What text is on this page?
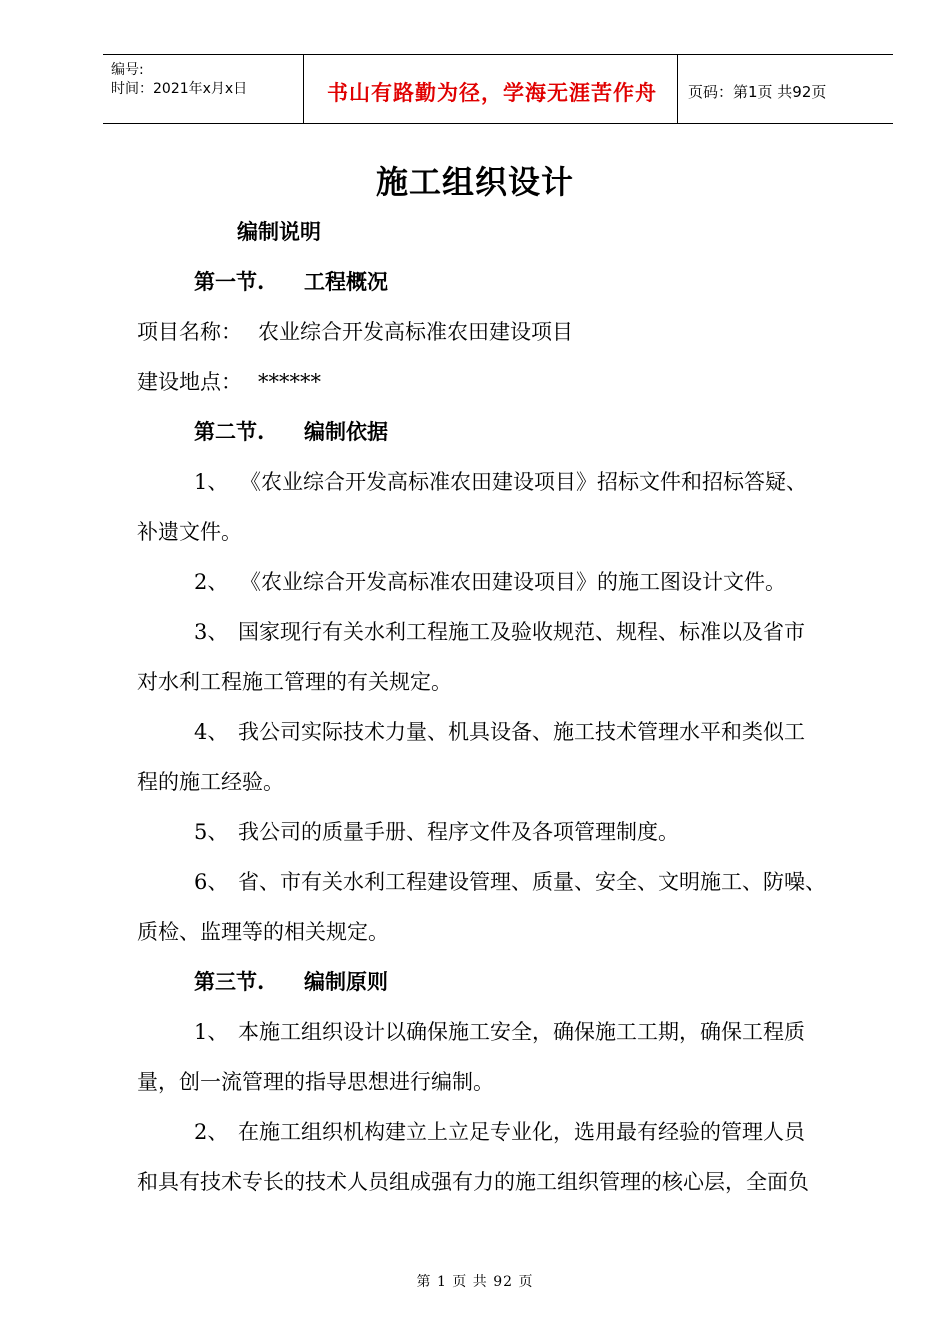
编号:
时间：2021年x月x日	书山有路勤为径，学海无涯苦作舟	页码：第1页 共92页
施工组织设计
编制说明
第一节. 工程概况
项目名称： 农业综合开发高标准农田建设项目
建设地点： ******
第二节. 编制依据
1、 《农业综合开发高标准农田建设项目》招标文件和招标答疑、
补遗文件。
2、 《农业综合开发高标准农田建设项目》的施工图设计文件。
3、 国家现行有关水利工程施工及验收规范、规程、标准以及省市
对水利工程施工管理的有关规定。
4、 我公司实际技术力量、机具设备、施工技术管理水平和类似工
程的施工经验。
5、 我公司的质量手册、程序文件及各项管理制度。
6、 省、市有关水利工程建设管理、质量、安全、文明施工、防噪、
质检、监理等的相关规定。
第三节. 编制原则
1、 本施工组织设计以确保施工安全，确保施工工期，确保工程质
量，创一流管理的指导思想进行编制。
2、 在施工组织机构建立上立足专业化，选用最有经验的管理人员
和具有技术专长的技术人员组成强有力的施工组织管理的核心层，全面负
第 1 页 共 92 页
